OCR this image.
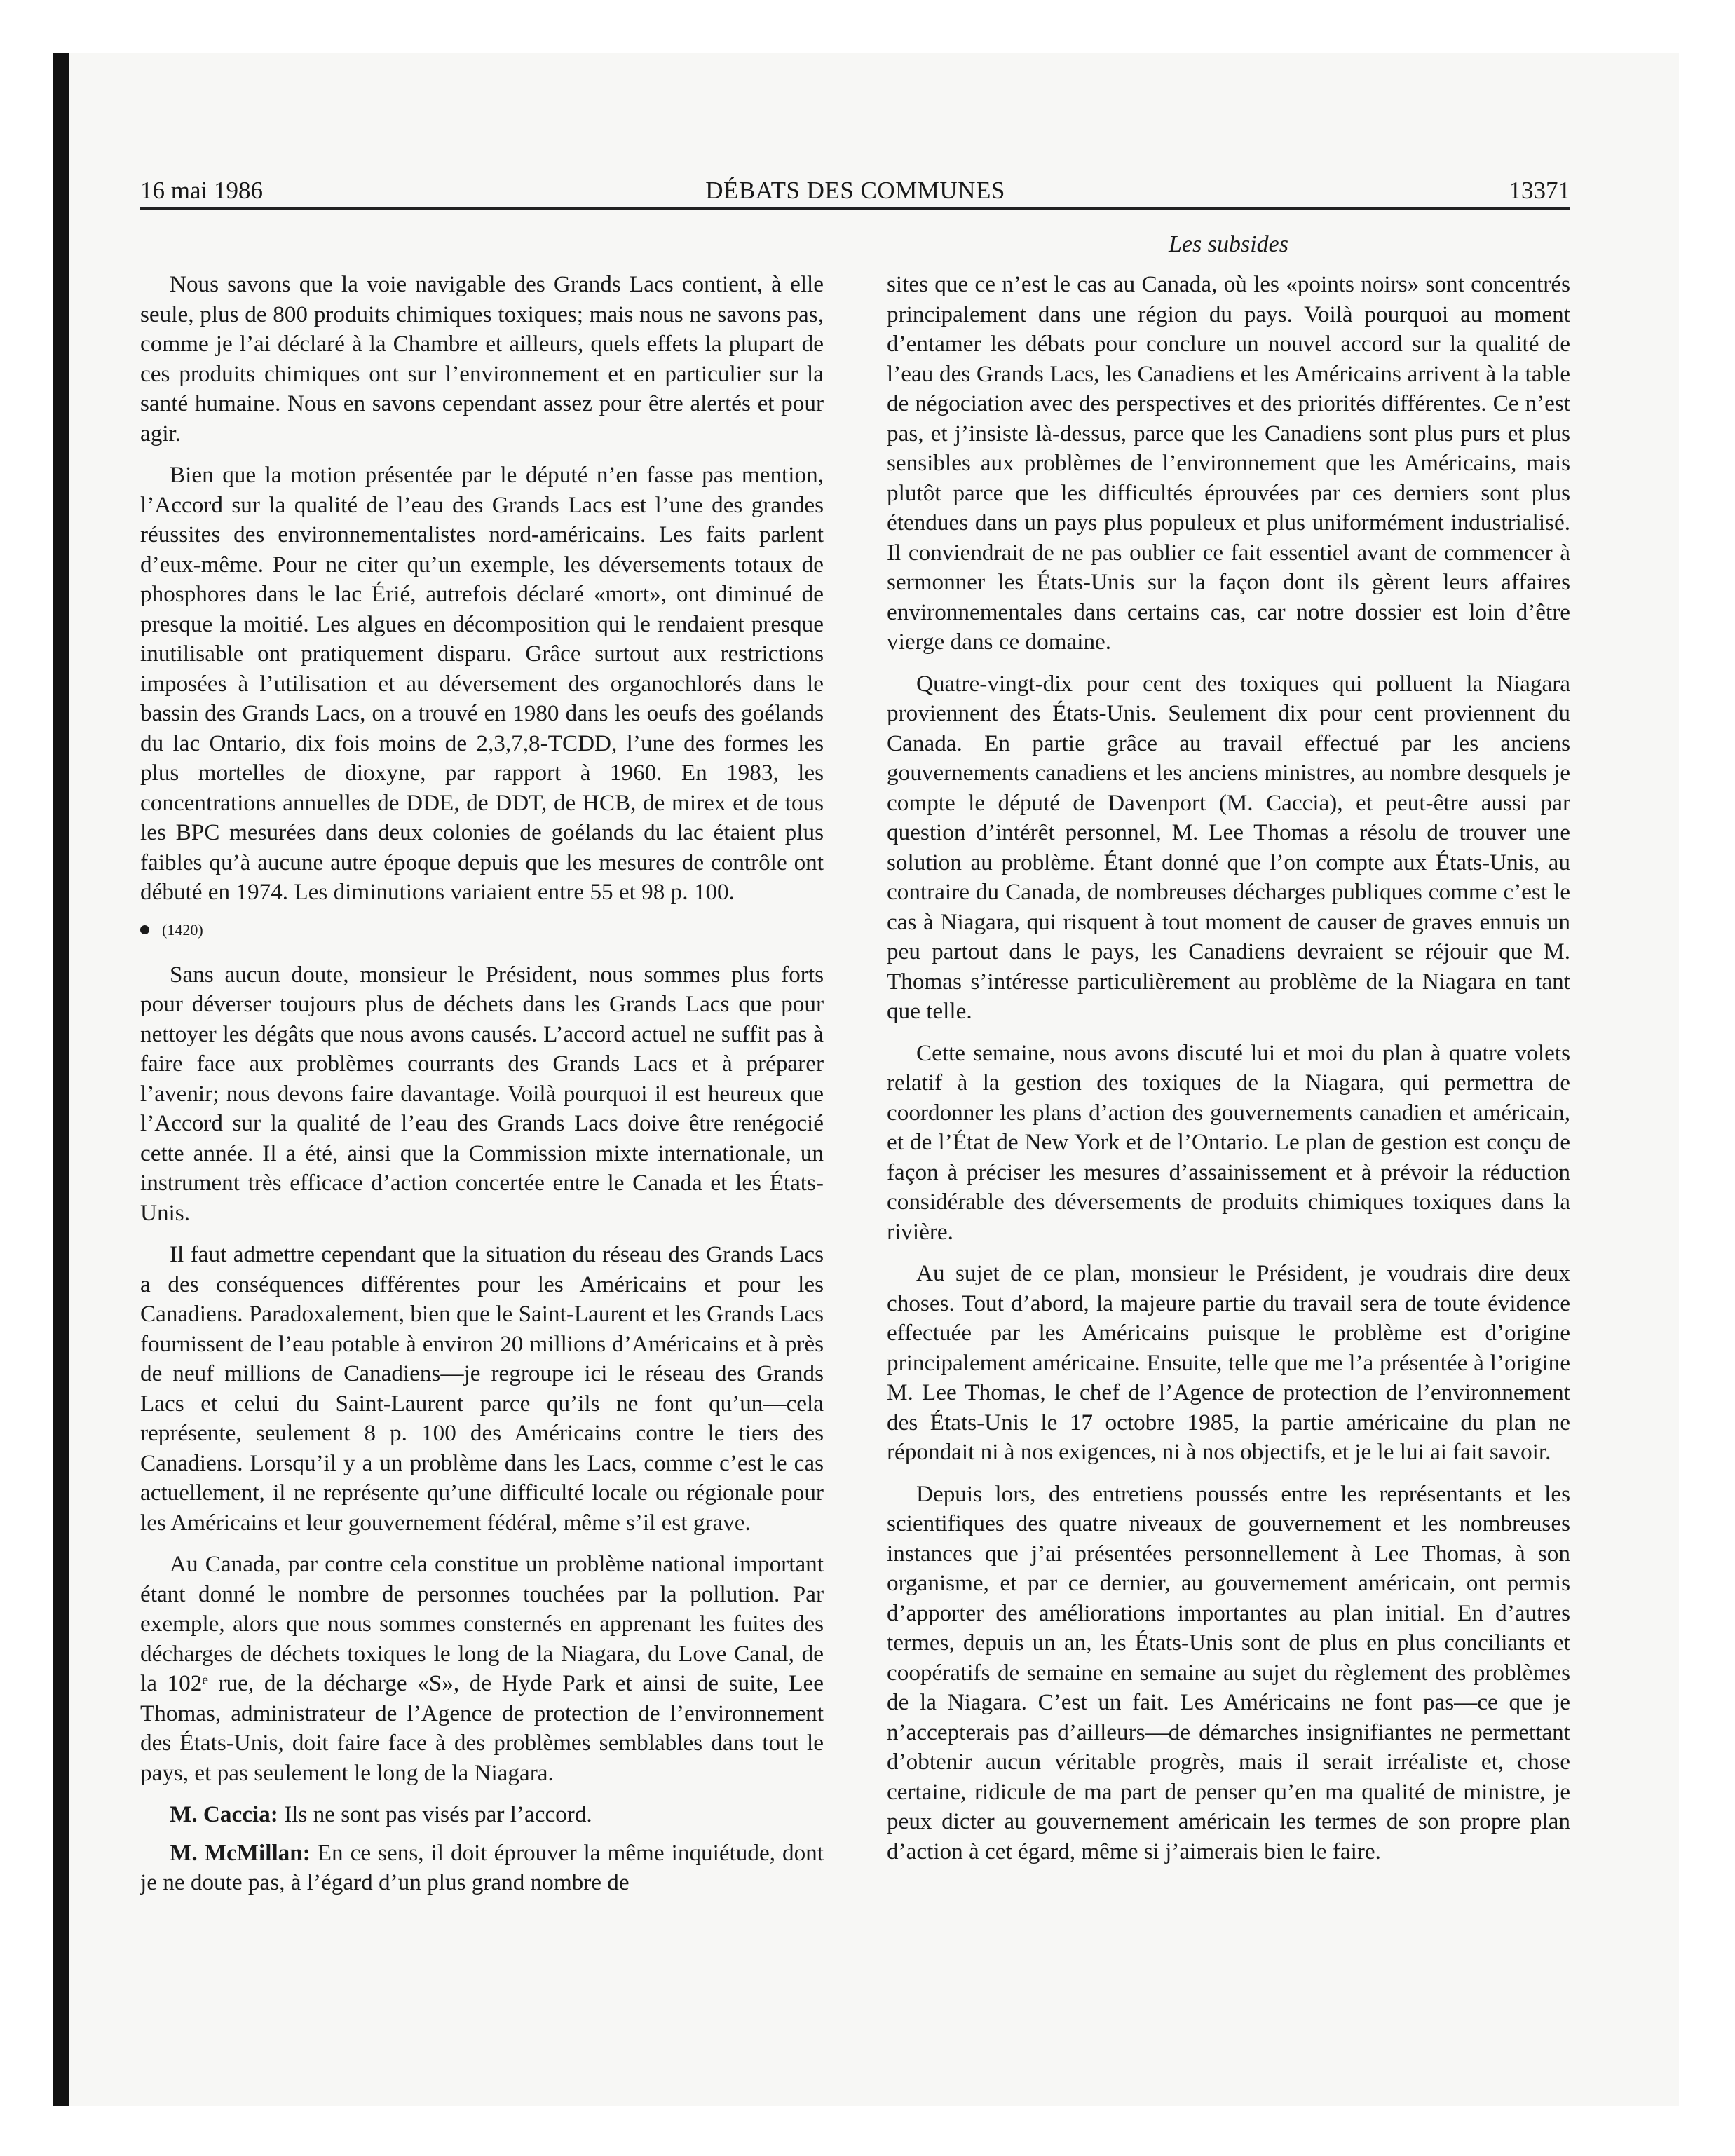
16 mai 1986	DÉBATS DES COMMUNES	13371
Les subsides

Nous savons que la voie navigable des Grands Lacs contient, à elle seule, plus de 800 produits chimiques toxiques; mais nous ne savons pas, comme je l’ai déclaré à la Chambre et ailleurs, quels effets la plupart de ces produits chimiques ont sur l’environnement et en particulier sur la santé humaine. Nous en savons cependant assez pour être alertés et pour agir.

Bien que la motion présentée par le député n’en fasse pas mention, l’Accord sur la qualité de l’eau des Grands Lacs est l’une des grandes réussites des environnementalistes nord-américains. Les faits parlent d’eux-même. Pour ne citer qu’un exemple, les déversements totaux de phosphores dans le lac Érié, autrefois déclaré «mort», ont diminué de presque la moitié. Les algues en décomposition qui le rendaient presque inutilisable ont pratiquement disparu. Grâce surtout aux restrictions imposées à l’utilisation et au déversement des organochlorés dans le bassin des Grands Lacs, on a trouvé en 1980 dans les oeufs des goélands du lac Ontario, dix fois moins de 2,3,7,8-TCDD, l’une des formes les plus mortelles de dioxyne, par rapport à 1960. En 1983, les concentrations annuelles de DDE, de DDT, de HCB, de mirex et de tous les BPC mesurées dans deux colonies de goélands du lac étaient plus faibles qu’à aucune autre époque depuis que les mesures de contrôle ont débuté en 1974. Les diminutions variaient entre 55 et 98 p. 100.

(1420)

Sans aucun doute, monsieur le Président, nous sommes plus forts pour déverser toujours plus de déchets dans les Grands Lacs que pour nettoyer les dégâts que nous avons causés. L’accord actuel ne suffit pas à faire face aux problèmes courrants des Grands Lacs et à préparer l’avenir; nous devons faire davantage. Voilà pourquoi il est heureux que l’Accord sur la qualité de l’eau des Grands Lacs doive être renégocié cette année. Il a été, ainsi que la Commission mixte internationale, un instrument très efficace d’action concertée entre le Canada et les États-Unis.

Il faut admettre cependant que la situation du réseau des Grands Lacs a des conséquences différentes pour les Américains et pour les Canadiens. Paradoxalement, bien que le Saint-Laurent et les Grands Lacs fournissent de l’eau potable à environ 20 millions d’Américains et à près de neuf millions de Canadiens—je regroupe ici le réseau des Grands Lacs et celui du Saint-Laurent parce qu’ils ne font qu’un—cela représente, seulement 8 p. 100 des Américains contre le tiers des Canadiens. Lorsqu’il y a un problème dans les Lacs, comme c’est le cas actuellement, il ne représente qu’une difficulté locale ou régionale pour les Américains et leur gouvernement fédéral, même s’il est grave.

Au Canada, par contre cela constitue un problème national important étant donné le nombre de personnes touchées par la pollution. Par exemple, alors que nous sommes consternés en apprenant les fuites des décharges de déchets toxiques le long de la Niagara, du Love Canal, de la 102ᵉ rue, de la décharge «S», de Hyde Park et ainsi de suite, Lee Thomas, administrateur de l’Agence de protection de l’environnement des États-Unis, doit faire face à des problèmes semblables dans tout le pays, et pas seulement le long de la Niagara.

M. Caccia: Ils ne sont pas visés par l’accord.

M. McMillan: En ce sens, il doit éprouver la même inquiétude, dont je ne doute pas, à l’égard d’un plus grand nombre de

sites que ce n’est le cas au Canada, où les «points noirs» sont concentrés principalement dans une région du pays. Voilà pourquoi au moment d’entamer les débats pour conclure un nouvel accord sur la qualité de l’eau des Grands Lacs, les Canadiens et les Américains arrivent à la table de négociation avec des perspectives et des priorités différentes. Ce n’est pas, et j’insiste là-dessus, parce que les Canadiens sont plus purs et plus sensibles aux problèmes de l’environnement que les Américains, mais plutôt parce que les difficultés éprouvées par ces derniers sont plus étendues dans un pays plus populeux et plus uniformément industrialisé. Il conviendrait de ne pas oublier ce fait essentiel avant de commencer à sermonner les États-Unis sur la façon dont ils gèrent leurs affaires environnementales dans certains cas, car notre dossier est loin d’être vierge dans ce domaine.

Quatre-vingt-dix pour cent des toxiques qui polluent la Niagara proviennent des États-Unis. Seulement dix pour cent proviennent du Canada. En partie grâce au travail effectué par les anciens gouvernements canadiens et les anciens ministres, au nombre desquels je compte le député de Davenport (M. Caccia), et peut-être aussi par question d’intérêt personnel, M. Lee Thomas a résolu de trouver une solution au problème. Étant donné que l’on compte aux États-Unis, au contraire du Canada, de nombreuses décharges publiques comme c’est le cas à Niagara, qui risquent à tout moment de causer de graves ennuis un peu partout dans le pays, les Canadiens devraient se réjouir que M. Thomas s’intéresse particulièrement au problème de la Niagara en tant que telle.

Cette semaine, nous avons discuté lui et moi du plan à quatre volets relatif à la gestion des toxiques de la Niagara, qui permettra de coordonner les plans d’action des gouvernements canadien et américain, et de l’État de New York et de l’Ontario. Le plan de gestion est conçu de façon à préciser les mesures d’assainissement et à prévoir la réduction considérable des déversements de produits chimiques toxiques dans la rivière.

Au sujet de ce plan, monsieur le Président, je voudrais dire deux choses. Tout d’abord, la majeure partie du travail sera de toute évidence effectuée par les Américains puisque le problème est d’origine principalement américaine. Ensuite, telle que me l’a présentée à l’origine M. Lee Thomas, le chef de l’Agence de protection de l’environnement des États-Unis le 17 octobre 1985, la partie américaine du plan ne répondait ni à nos exigences, ni à nos objectifs, et je le lui ai fait savoir.

Depuis lors, des entretiens poussés entre les représentants et les scientifiques des quatre niveaux de gouvernement et les nombreuses instances que j’ai présentées personnellement à Lee Thomas, à son organisme, et par ce dernier, au gouvernement américain, ont permis d’apporter des améliorations importantes au plan initial. En d’autres termes, depuis un an, les États-Unis sont de plus en plus conciliants et coopératifs de semaine en semaine au sujet du règlement des problèmes de la Niagara. C’est un fait. Les Américains ne font pas—ce que je n’accepterais pas d’ailleurs—de démarches insignifiantes ne permettant d’obtenir aucun véritable progrès, mais il serait irréaliste et, chose certaine, ridicule de ma part de penser qu’en ma qualité de ministre, je peux dicter au gouvernement américain les termes de son propre plan d’action à cet égard, même si j’aimerais bien le faire.
